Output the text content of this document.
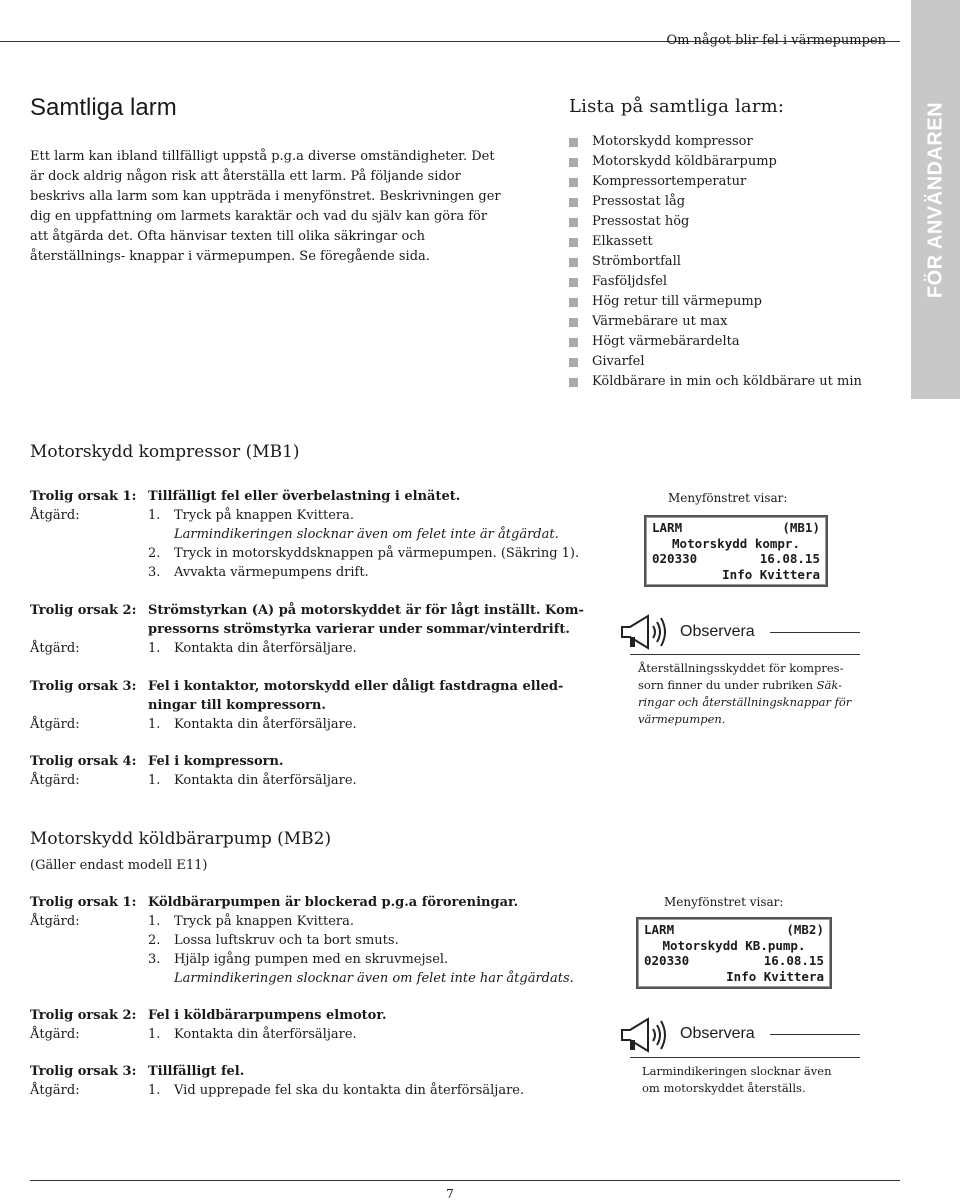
Om något blir fel i värmepumpen
FÖR ANVÄNDAREN
Samtliga larm

Ett larm kan ibland tillfälligt uppstå p.g.a diverse omständigheter. Det är dock aldrig någon risk att återställa ett larm. På följande sidor beskrivs alla larm som kan uppträda i menyfönstret. Beskrivningen ger dig en uppfattning om larmets karaktär och vad du själv kan göra för att åtgärda det. Ofta hänvisar texten till olika säkringar och återställnings- knappar i värmepumpen. Se föregående sida.

Lista på samtliga larm:
Motorskydd kompressor
Motorskydd köldbärarpump
Kompressortemperatur
Pressostat låg
Pressostat hög
Elkassett
Strömbortfall
Fasföljdsfel
Hög retur till värmepump
Värmebärare ut max
Högt värmebärardelta
Givarfel
Köldbärare in min och köldbärare ut min
Motorskydd kompressor (MB1)
Trolig orsak 1: Tillfälligt fel eller överbelastning i elnätet.
Åtgärd:	1.	Tryck på knappen Kvittera.
Larmindikeringen slocknar även om felet inte är åtgärdat.
2.	Tryck in motorskyddsknappen på värmepumpen. (Säkring 1).
3.	Avvakta värmepumpens drift.
Trolig orsak 2: Strömstyrkan (A) på motorskyddet är för lågt inställt. Kom-
pressorns strömstyrka varierar under sommar/vinterdrift.
Åtgärd:	1.	Kontakta din återförsäljare.
Trolig orsak 3: Fel i kontaktor, motorskydd eller dåligt fastdragna elled-
ningar till kompressorn.
Åtgärd:	1.	Kontakta din återförsäljare.
Trolig orsak 4: Fel i kompressorn.
Åtgärd:	1.	Kontakta din återförsäljare.
Menyfönstret visar:
LARM	(MB1)
Motorskydd kompr.
020330	16.08.15
Info Kvittera
Observera
Återställningsskyddet för kompres-
sorn finner du under rubriken Säk-
ringar och återställningsknappar för
värmepumpen.
Motorskydd köldbärarpump (MB2)
(Gäller endast modell E11)
Trolig orsak 1: Köldbärarpumpen är blockerad p.g.a föroreningar.
Åtgärd:	1.	Tryck på knappen Kvittera.
2.	Lossa luftskruv och ta bort smuts.
3.	Hjälp igång pumpen med en skruvmejsel.
Larmindikeringen slocknar även om felet inte har åtgärdats.
Trolig orsak 2: Fel i köldbärarpumpens elmotor.
Åtgärd:	1.	Kontakta din återförsäljare.
Trolig orsak 3: Tillfälligt fel.
Åtgärd:	1.	Vid upprepade fel ska du kontakta din återförsäljare.
Menyfönstret visar:
LARM	(MB2)
Motorskydd KB.pump.
020330	16.08.15
Info Kvittera
Observera
Larmindikeringen slocknar även
om motorskyddet återställs.
7
